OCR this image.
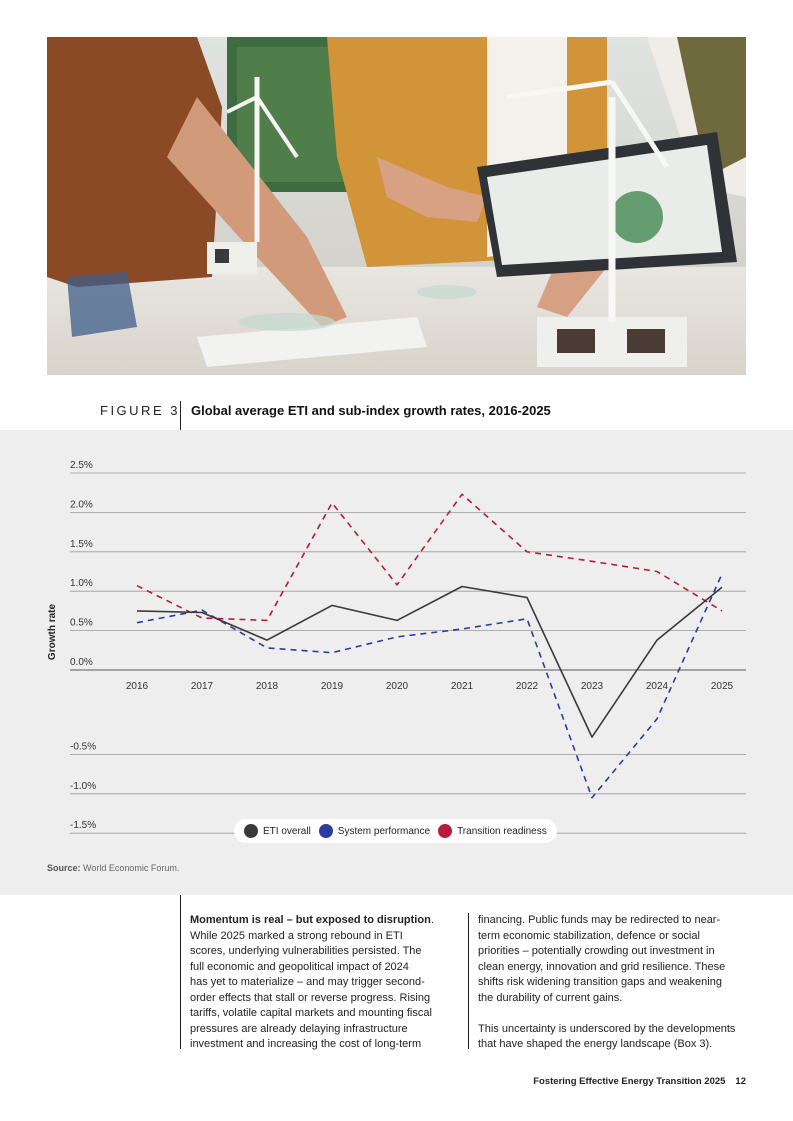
FIGURE 3 Global average ETI and sub-index growth rates, 2016-2025
2.5%
2.0%
1.5%
1.0%
0.5%
0.0%
-0.5%
-1.0%
-1.5%
Growth rate
2016	2017	2018	2019	2020	2021	2022	2023	2024	2025
ETI overall	System performance	Transition readiness
Source: World Economic Forum.

Momentum is real – but exposed to disruption.

While 2025 marked a strong rebound in ETI

scores, underlying vulnerabilities persisted. The

full economic and geopolitical impact of 2024

has yet to materialize – and may trigger second-

order effects that stall or reverse progress. Rising

tariffs, volatile capital markets and mounting fiscal

pressures are already delaying infrastructure

investment and increasing the cost of long-term

financing. Public funds may be redirected to near-

term economic stabilization, defence or social

priorities – potentially crowding out investment in

clean energy, innovation and grid resilience. These

shifts risk widening transition gaps and weakening

the durability of current gains.

This uncertainty is underscored by the developments

that have shaped the energy landscape (Box 3).

Fostering Effective Energy Transition 2025 12
